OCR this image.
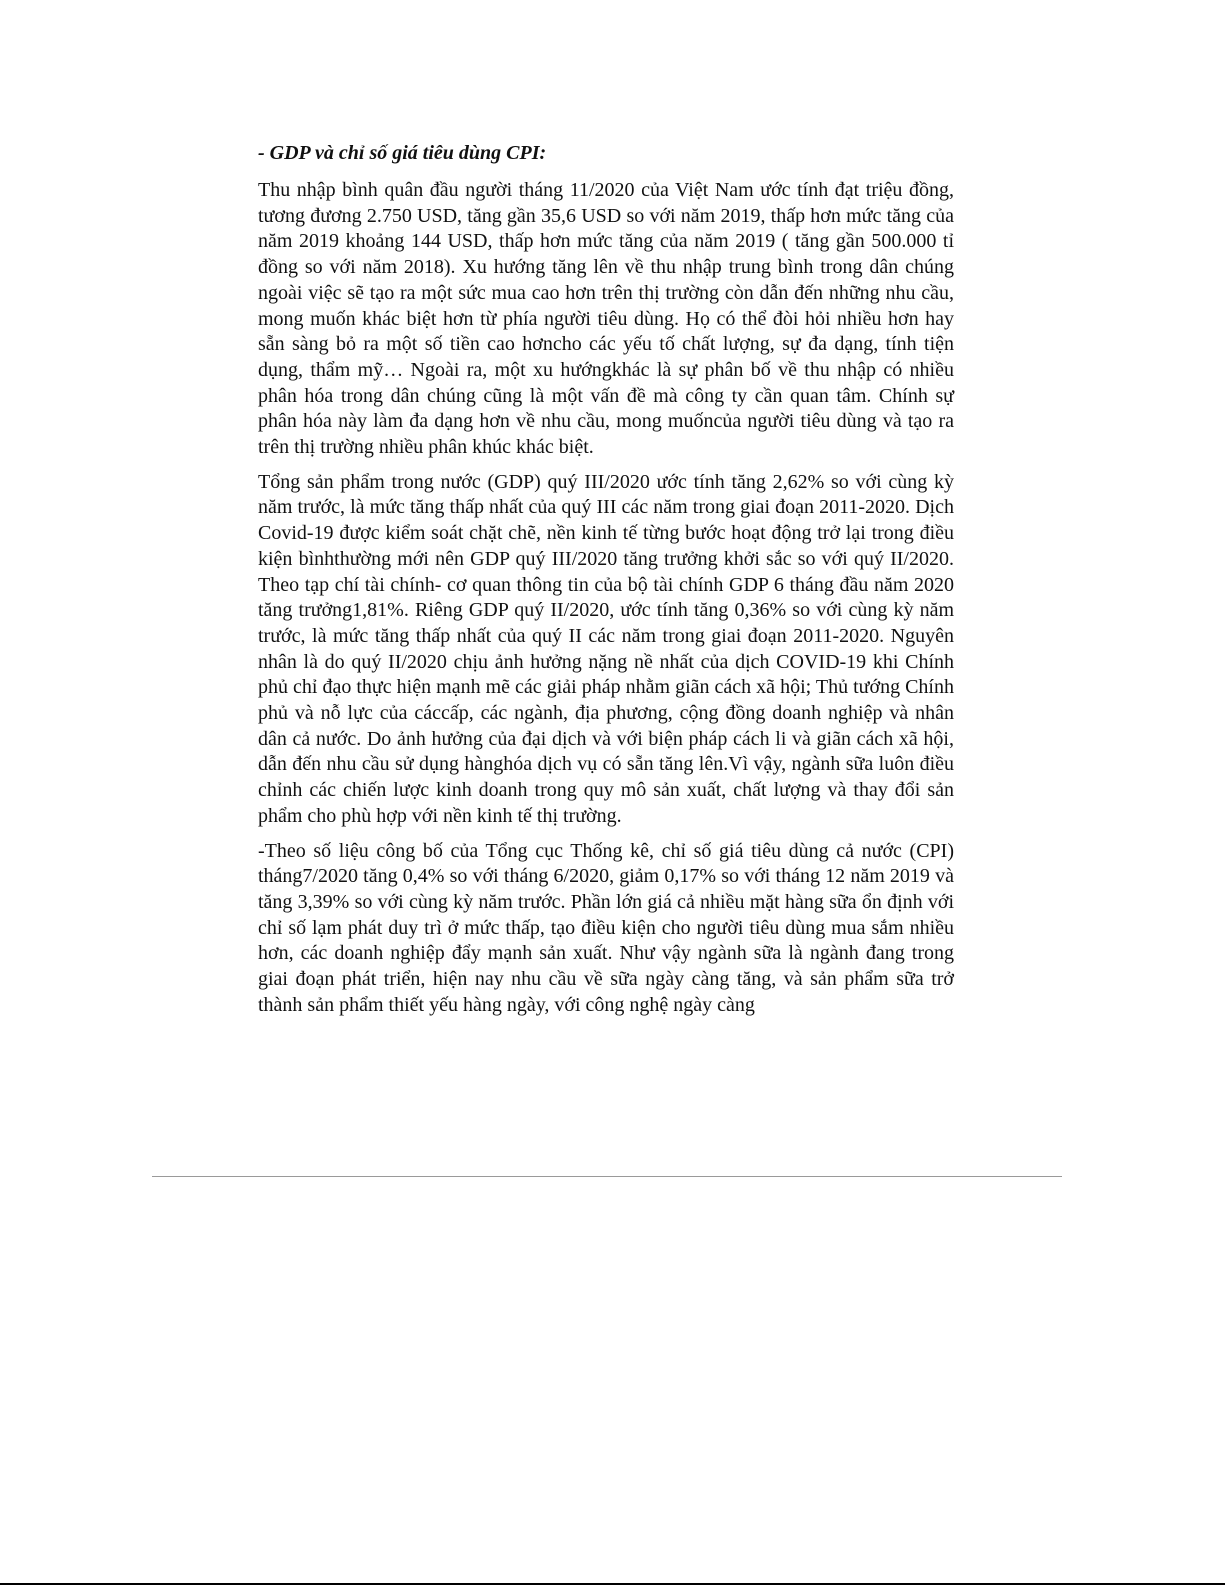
- GDP và chỉ số giá tiêu dùng CPI:

Thu nhập bình quân đầu người tháng 11/2020 của Việt Nam ước tính đạt triệu đồng, tương đương 2.750 USD, tăng gần 35,6 USD so với năm 2019, thấp hơn mức tăng của năm 2019 khoảng 144 USD, thấp hơn mức tăng của năm 2019 ( tăng gần 500.000 tỉ đồng so với năm 2018). Xu hướng tăng lên về thu nhập trung bình trong dân chúng ngoài việc sẽ tạo ra một sức mua cao hơn trên thị trường còn dẫn đến những nhu cầu, mong muốn khác biệt hơn từ phía người tiêu dùng. Họ có thể đòi hỏi nhiều hơn hay sẵn sàng bỏ ra một số tiền cao hơncho các yếu tố chất lượng, sự đa dạng, tính tiện dụng, thẩm mỹ… Ngoài ra, một xu hướngkhác là sự phân bố về thu nhập có nhiều phân hóa trong dân chúng cũng là một vấn đề mà công ty cần quan tâm. Chính sự phân hóa này làm đa dạng hơn về nhu cầu, mong muốncủa người tiêu dùng và tạo ra trên thị trường nhiều phân khúc khác biệt.

Tổng sản phẩm trong nước (GDP) quý III/2020 ước tính tăng 2,62% so với cùng kỳ năm trước, là mức tăng thấp nhất của quý III các năm trong giai đoạn 2011-2020. Dịch Covid-19 được kiểm soát chặt chẽ, nền kinh tế từng bước hoạt động trở lại trong điều kiện bìnhthường mới nên GDP quý III/2020 tăng trưởng khởi sắc so với quý II/2020. Theo tạp chí tài chính- cơ quan thông tin của bộ tài chính GDP 6 tháng đầu năm 2020 tăng trưởng1,81%. Riêng GDP quý II/2020, ước tính tăng 0,36% so với cùng kỳ năm trước, là mức tăng thấp nhất của quý II các năm trong giai đoạn 2011-2020. Nguyên nhân là do quý II/2020 chịu ảnh hưởng nặng nề nhất của dịch COVID-19 khi Chính phủ chỉ đạo thực hiện mạnh mẽ các giải pháp nhằm giãn cách xã hội; Thủ tướng Chính phủ và nỗ lực của cáccấp, các ngành, địa phương, cộng đồng doanh nghiệp và nhân dân cả nước. Do ảnh hưởng của đại dịch và với biện pháp cách li và giãn cách xã hội, dẫn đến nhu cầu sử dụng hànghóa dịch vụ có sẵn tăng lên.Vì vậy, ngành sữa luôn điều chỉnh các chiến lược kinh doanh trong quy mô sản xuất, chất lượng và thay đổi sản phẩm cho phù hợp với nền kinh tế thị trường.

-Theo số liệu công bố của Tổng cục Thống kê, chỉ số giá tiêu dùng cả nước (CPI) tháng7/2020 tăng 0,4% so với tháng 6/2020, giảm 0,17% so với tháng 12 năm 2019 và tăng 3,39% so với cùng kỳ năm trước. Phần lớn giá cả nhiều mặt hàng sữa ổn định với chỉ số lạm phát duy trì ở mức thấp, tạo điều kiện cho người tiêu dùng mua sắm nhiều hơn, các doanh nghiệp đẩy mạnh sản xuất. Như vậy ngành sữa là ngành đang trong giai đoạn phát triển, hiện nay nhu cầu về sữa ngày càng tăng, và sản phẩm sữa trở thành sản phẩm thiết yếu hàng ngày, với công nghệ ngày càng
